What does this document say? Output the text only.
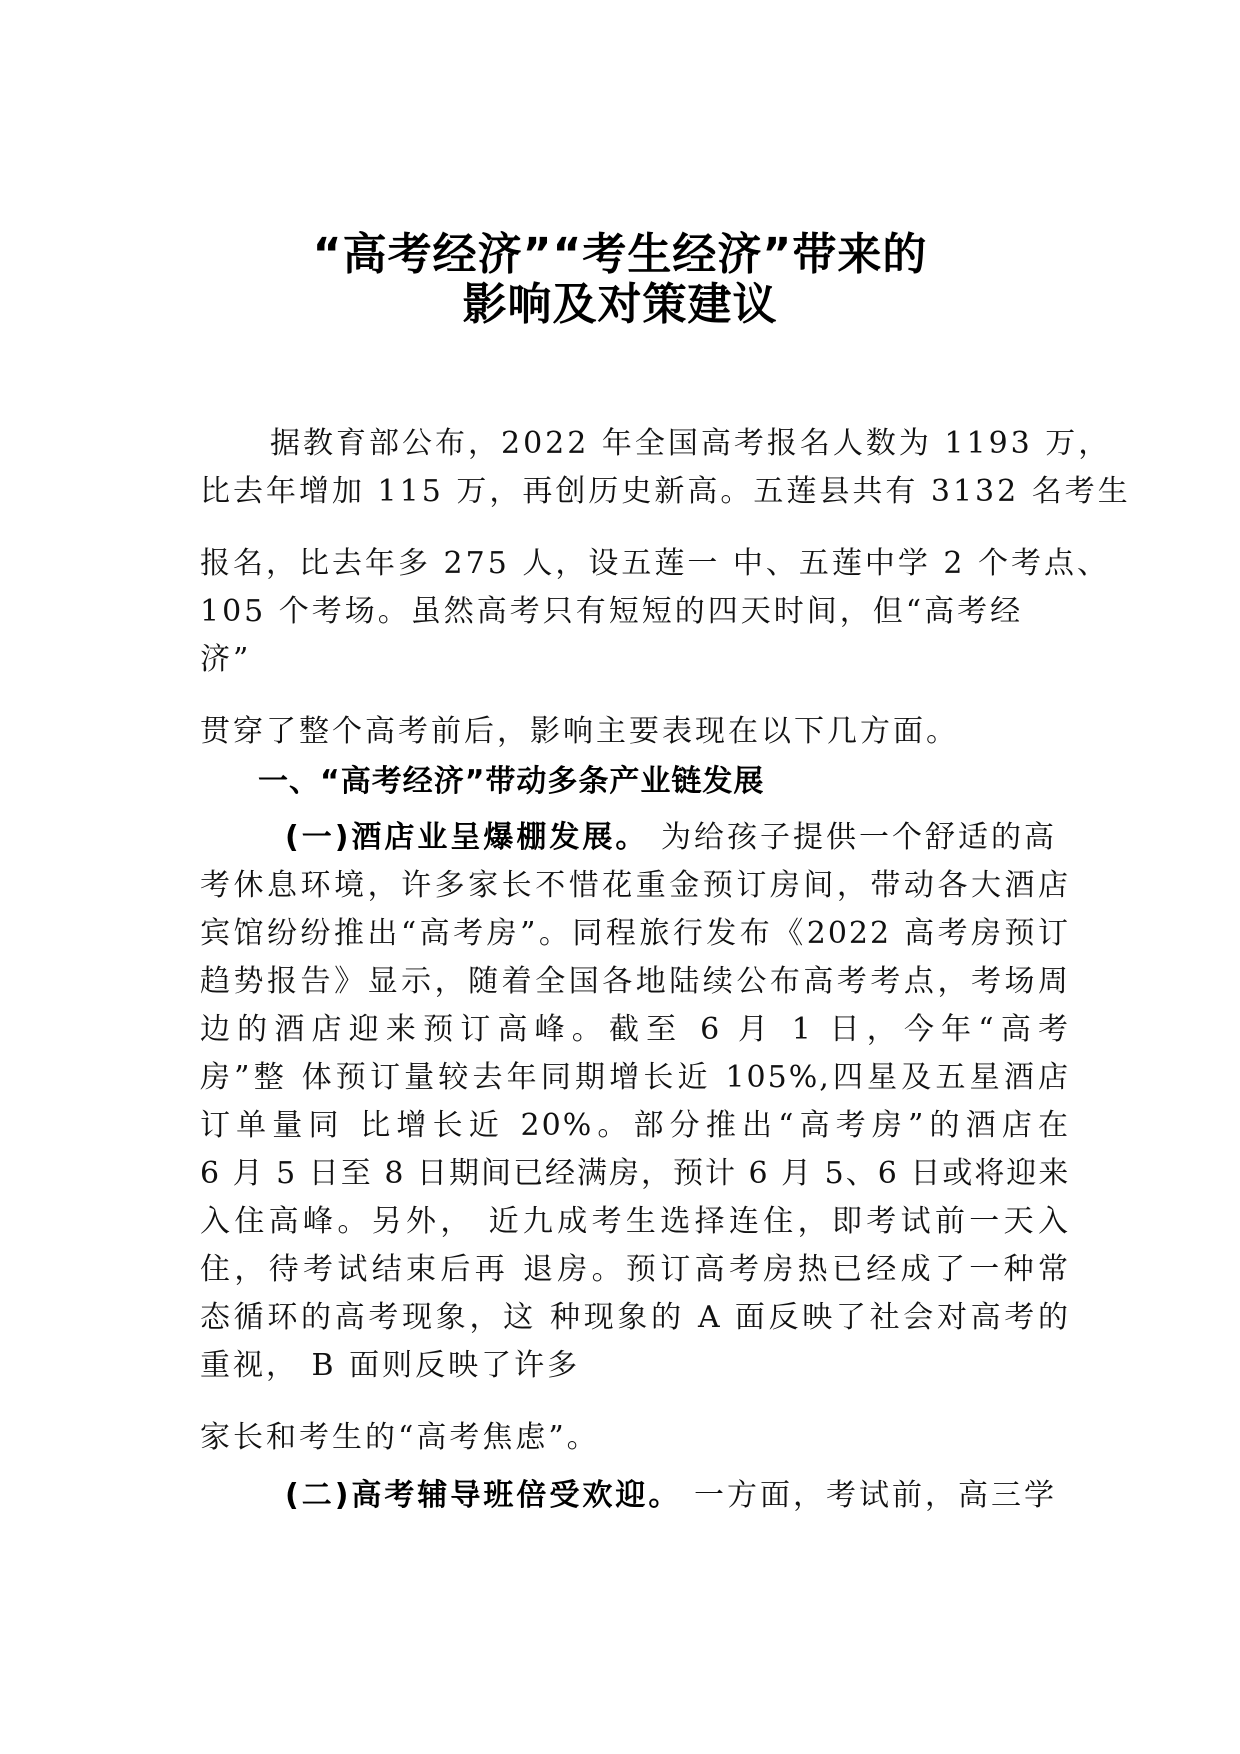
“高考经济”“考生经济”带来的
影响及对策建议
据教育部公布，2022 年全国高考报名人数为 1193 万，
比去年增加 115 万，再创历史新高。五莲县共有 3132 名考生
报名，比去年多 275 人，设五莲一 中、五莲中学 2 个考点、
105 个考场。虽然高考只有短短的四天时间，但“高考经
济”
贯穿了整个高考前后，影响主要表现在以下几方面。
一、“高考经济”带动多条产业链发展
(一)酒店业呈爆棚发展。 为给孩子提供一个舒适的高
考休息环境，许多家长不惜花重金预订房间，带动各大酒店
宾馆纷纷推出“高考房”。同程旅行发布《2022 高考房预订
趋势报告》显示，随着全国各地陆续公布高考考点，考场周
边的酒店迎来预订高峰。截至 6 月 1 日，今年“高考
房”整 体预订量较去年同期增长近 105%,四星及五星酒店
订单量同 比增长近 20%。部分推出“高考房”的酒店在
6 月 5 日至 8 日期间已经满房，预计 6 月 5、6 日或将迎来
入住高峰。另外， 近九成考生选择连住，即考试前一天入
住，待考试结束后再 退房。预订高考房热已经成了一种常
态循环的高考现象，这 种现象的 A 面反映了社会对高考的
重视， B 面则反映了许多
家长和考生的“高考焦虑”。
(二)高考辅导班倍受欢迎。 一方面，考试前，高三学
